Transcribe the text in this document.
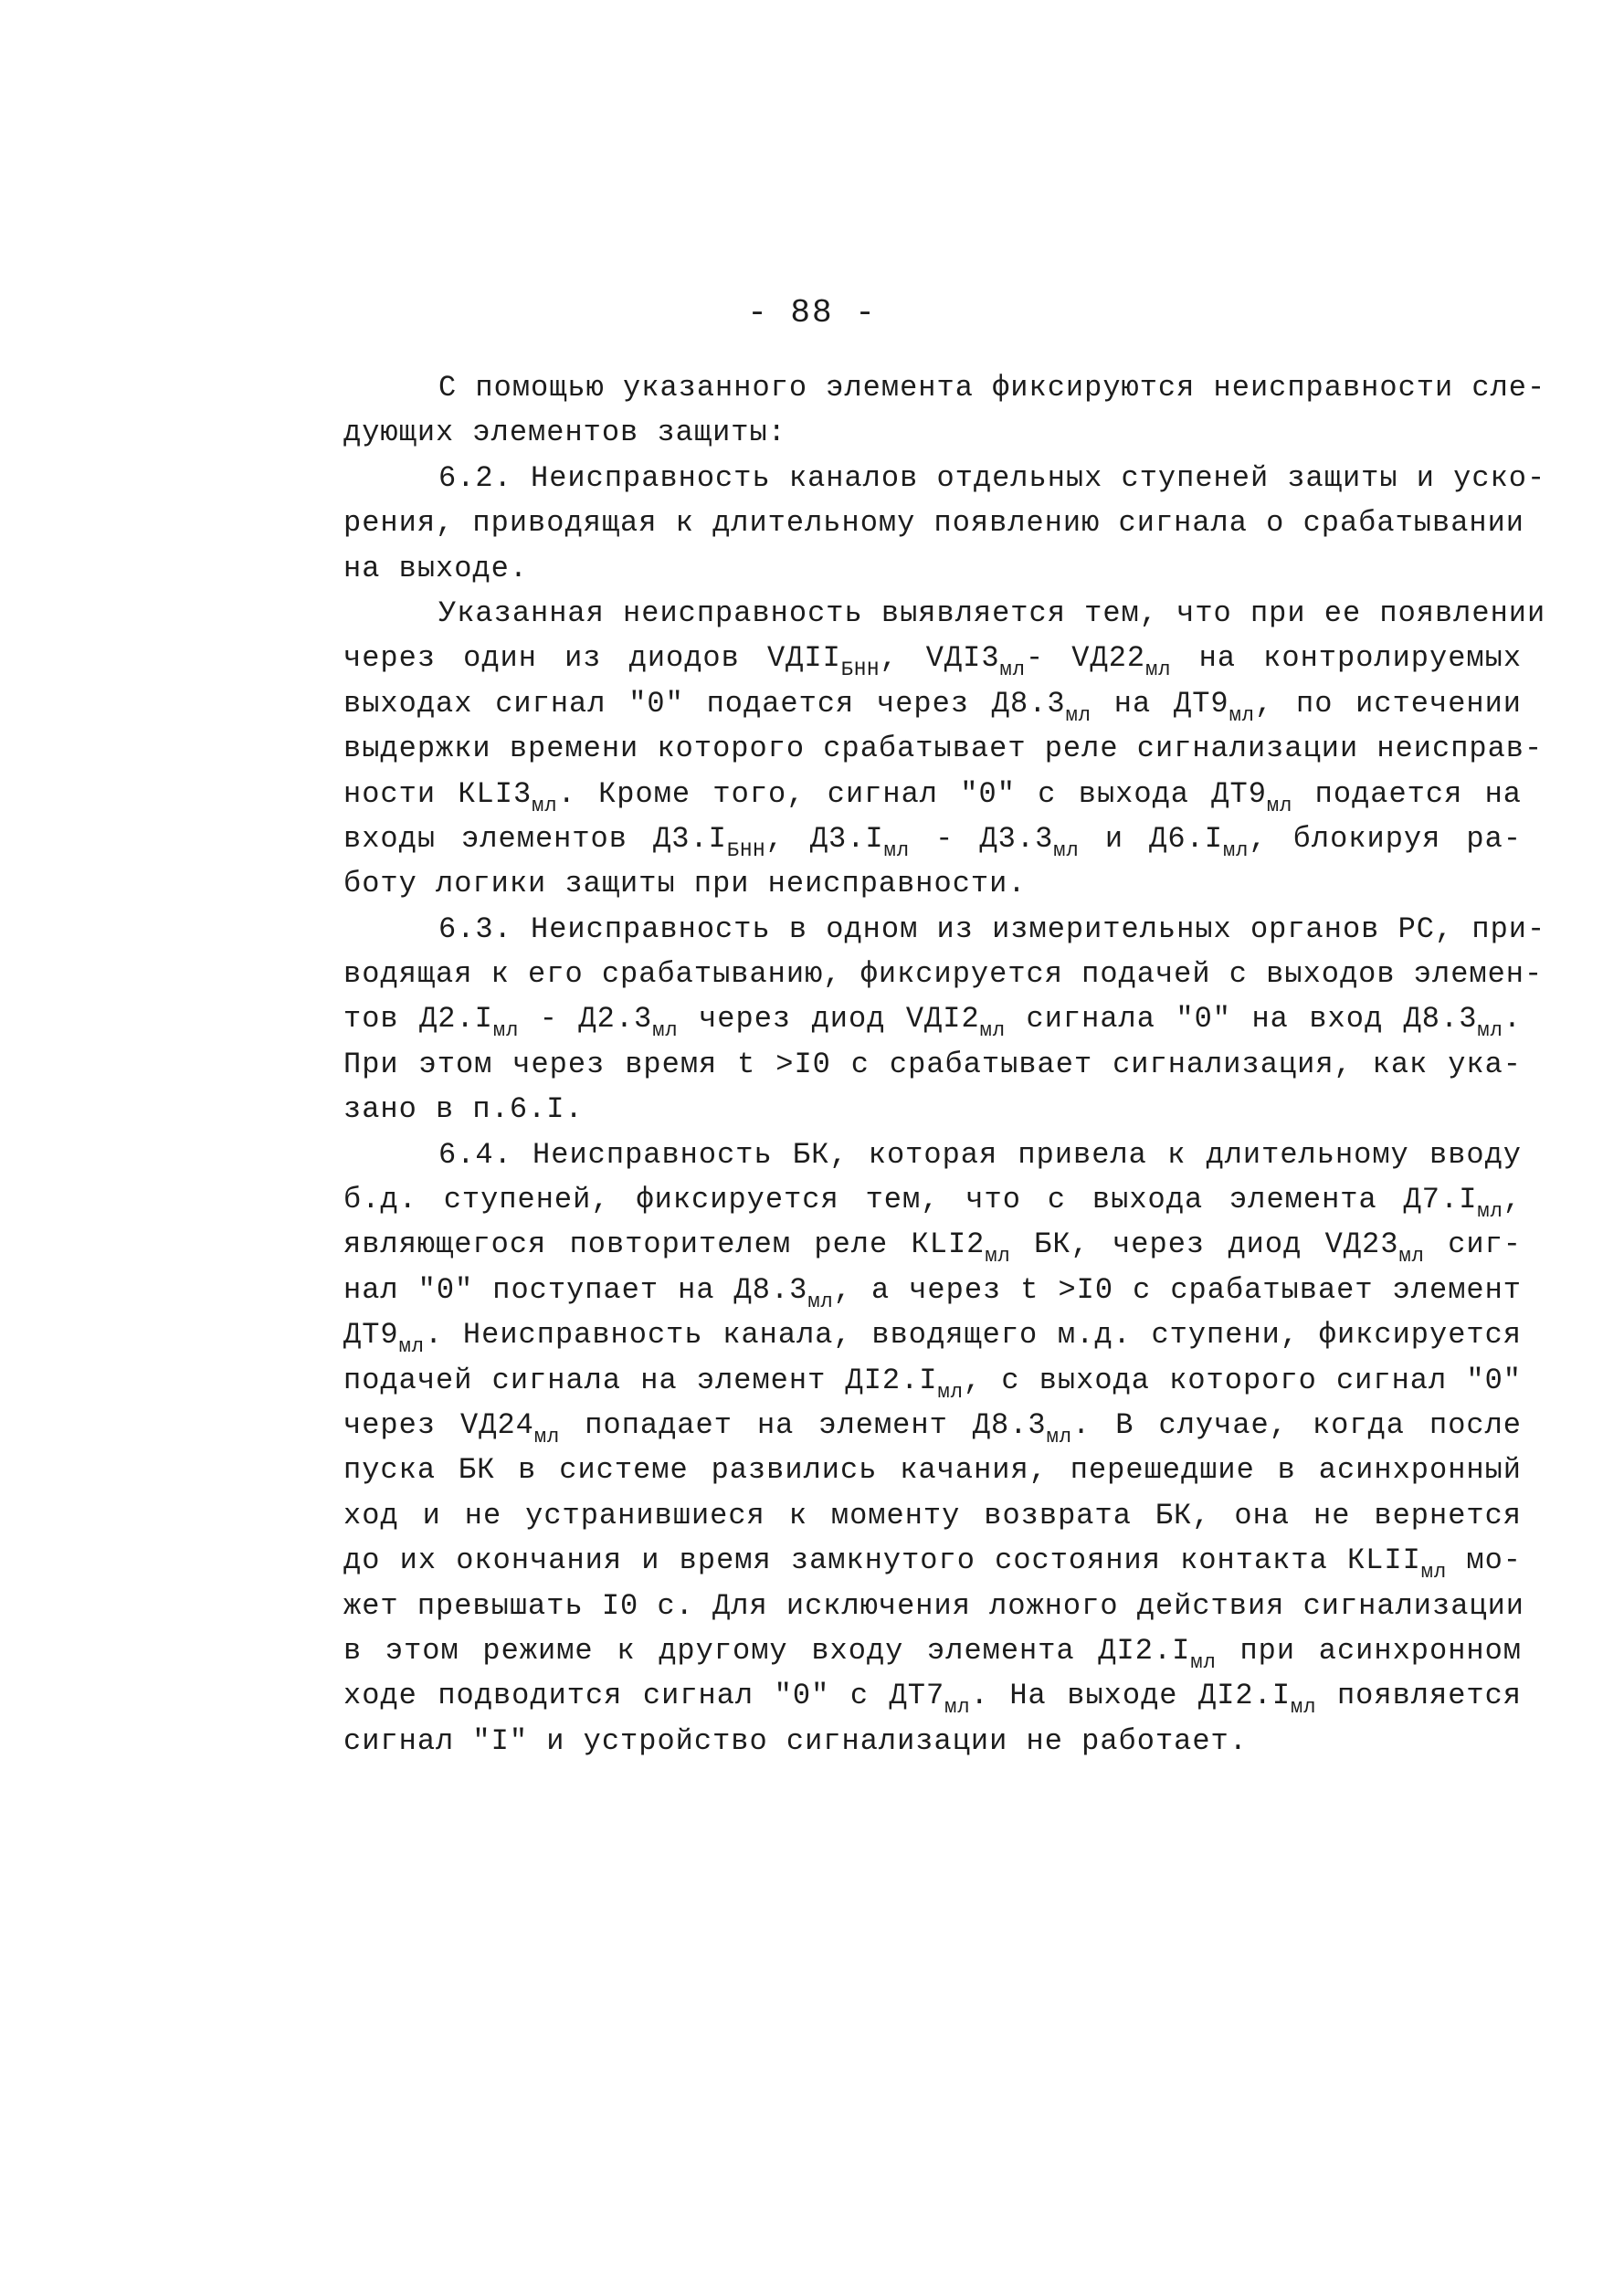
- 88 -
С помощью указанного элемента фиксируются неисправности сле-
дующих элементов защиты:
6.2. Неисправность каналов отдельных ступеней защиты и уско-
рения, приводящая к длительному появлению сигнала о срабатывании
на выходе.
Указанная неисправность выявляется тем, что при ее появлении
через один из диодов $VДII_{БНН}$, $VДI3_{мл}-$ $VД22_{мл}$ на контролируемых
выходах сигнал "0" подается через $Д8.3_{мл}$ на $ДТ9_{мл}$, по истечении
выдержки времени которого срабатывает реле сигнализации неисправ-
ности $КLI3_{мл}$. Кроме того, сигнал "0" с выхода $ДТ9_{мл}$ подается на
входы элементов $Д3.I_{БНН}$, $Д3.I_{мл} - Д3.3_{мл}$ и $Д6.I_{мл}$, блокируя ра-
боту логики защиты при неисправности.
6.3. Неисправность в одном из измерительных органов РС, при-
водящая к его срабатыванию, фиксируется подачей с выходов элемен-
тов $Д2.I_{мл} - Д2.3_{мл}$ через диод $VДI2_{мл}$ сигнала "0" на вход $Д8.3_{мл}$.
При этом через время t >I0 с срабатывает сигнализация, как ука-
зано в п.6.I.
6.4. Неисправность БК, которая привела к длительному вводу
б.д. ступеней, фиксируется тем, что с выхода элемента $Д7.I_{мл}$,
являющегося повторителем реле $КLI2_{мл}$ БК, через диод $VД23_{мл}$ сиг-
нал "0" поступает на $Д8.3_{мл}$, а через t >I0 с срабатывает элемент
$ДТ9_{мл}$. Неисправность канала, вводящего м.д. ступени, фиксируется
подачей сигнала на элемент $ДI2.I_{мл}$, с выхода которого сигнал "0"
через $VД24_{мл}$ попадает на элемент $Д8.3_{мл}$. В случае, когда после
пуска БК в системе развились качания, перешедшие в асинхронный
ход и не устранившиеся к моменту возврата БК, она не вернется
до их окончания и время замкнутого состояния контакта $КLII_{мл}$ мо-
жет превышать I0 с. Для исключения ложного действия сигнализации
в этом режиме к другому входу элемента $ДI2.I_{мл}$ при асинхронном
ходе подводится сигнал "0" с $ДТ7_{мл}$. На выходе $ДI2.I_{мл}$ появляется
сигнал "I" и устройство сигнализации не работает.
